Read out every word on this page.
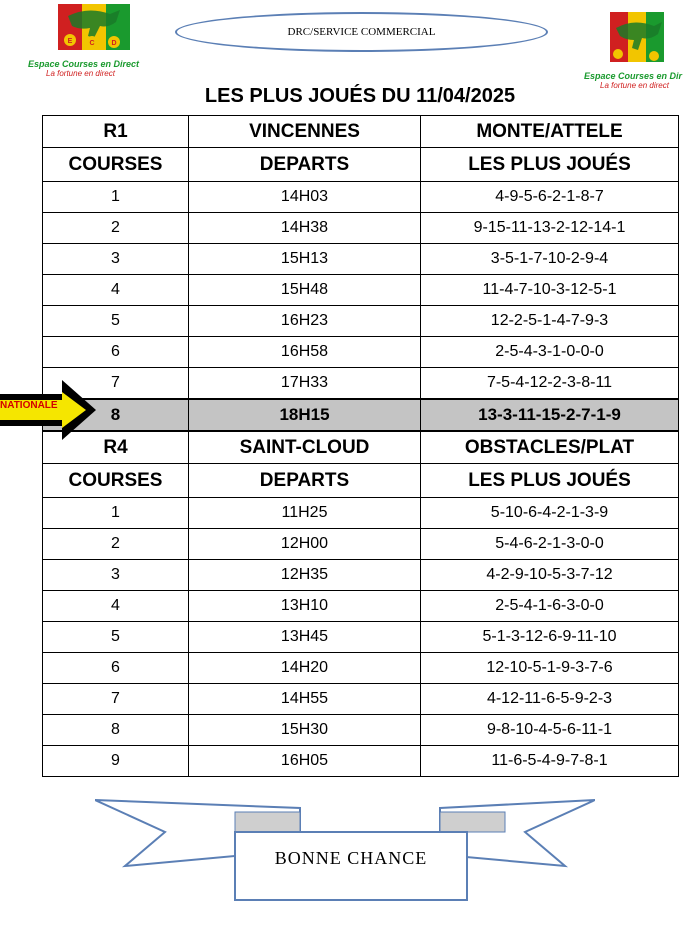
E C D
Espace Courses en Direct
La fortune en direct	Espace Courses en Dir
La fortune en direct
DRC/SERVICE COMMERCIAL
LES PLUS JOUÉS DU 11/04/2025
R1	VINCENNES	MONTE/ATTELE
COURSES	DEPARTS	LES PLUS JOUÉS
1	14H03	4-9-5-6-2-1-8-7
2	14H38	9-15-11-13-2-12-14-1
3	15H13	3-5-1-7-10-2-9-4
4	15H48	11-4-7-10-3-12-5-1
5	16H23	12-2-5-1-4-7-9-3
6	16H58	2-5-4-3-1-0-0-0
7	17H33	7-5-4-12-2-3-8-11
8	18H15	13-3-11-15-2-7-1-9
R4	SAINT-CLOUD	OBSTACLES/PLAT
COURSES	DEPARTS	LES PLUS JOUÉS
1	11H25	5-10-6-4-2-1-3-9
2	12H00	5-4-6-2-1-3-0-0
3	12H35	4-2-9-10-5-3-7-12
4	13H10	2-5-4-1-6-3-0-0
5	13H45	5-1-3-12-6-9-11-10
6	14H20	12-10-5-1-9-3-7-6
7	14H55	4-12-11-6-5-9-2-3
8	15H30	9-8-10-4-5-6-11-1
9	16H05	11-6-5-4-9-7-8-1
NATIONALE
BONNE CHANCE
